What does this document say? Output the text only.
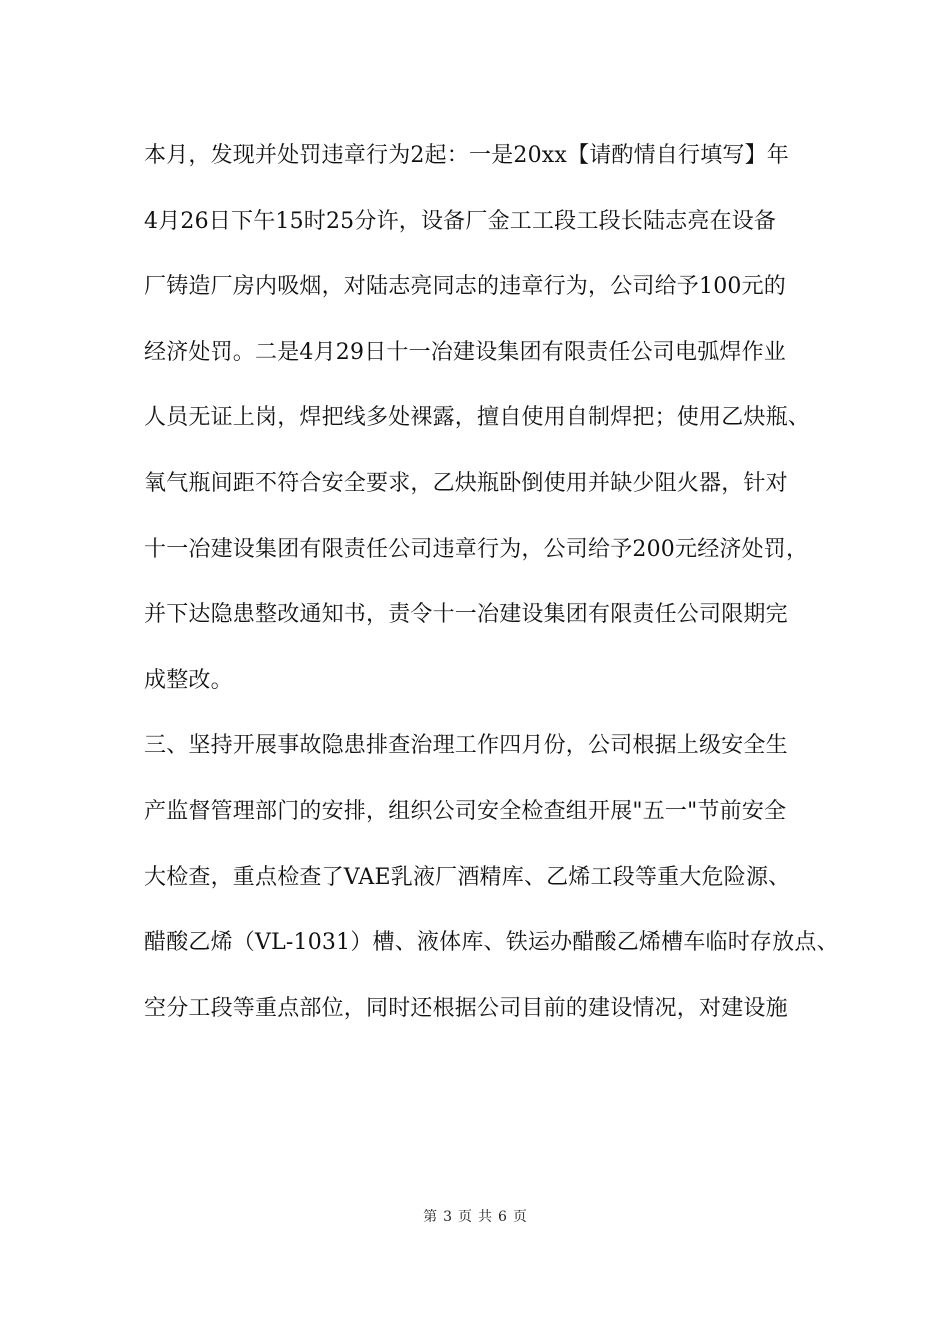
本月，发现并处罚违章行为2起：一是20xx【请酌情自行填写】年
4月26日下午15时25分许，设备厂金工工段工段长陆志亮在设备
厂铸造厂房内吸烟，对陆志亮同志的违章行为，公司给予100元的
经济处罚。二是4月29日十一冶建设集团有限责任公司电弧焊作业
人员无证上岗，焊把线多处裸露，擅自使用自制焊把；使用乙炔瓶、
氧气瓶间距不符合安全要求，乙炔瓶卧倒使用并缺少阻火器，针对
十一冶建设集团有限责任公司违章行为，公司给予200元经济处罚，
并下达隐患整改通知书，责令十一冶建设集团有限责任公司限期完
成整改。
三、坚持开展事故隐患排查治理工作四月份，公司根据上级安全生
产监督管理部门的安排，组织公司安全检查组开展"五一"节前安全
大检查，重点检查了VAE乳液厂酒精库、乙烯工段等重大危险源、
醋酸乙烯（VL-1031）槽、液体库、铁运办醋酸乙烯槽车临时存放点、
空分工段等重点部位，同时还根据公司目前的建设情况，对建设施
第 3 页 共 6 页
